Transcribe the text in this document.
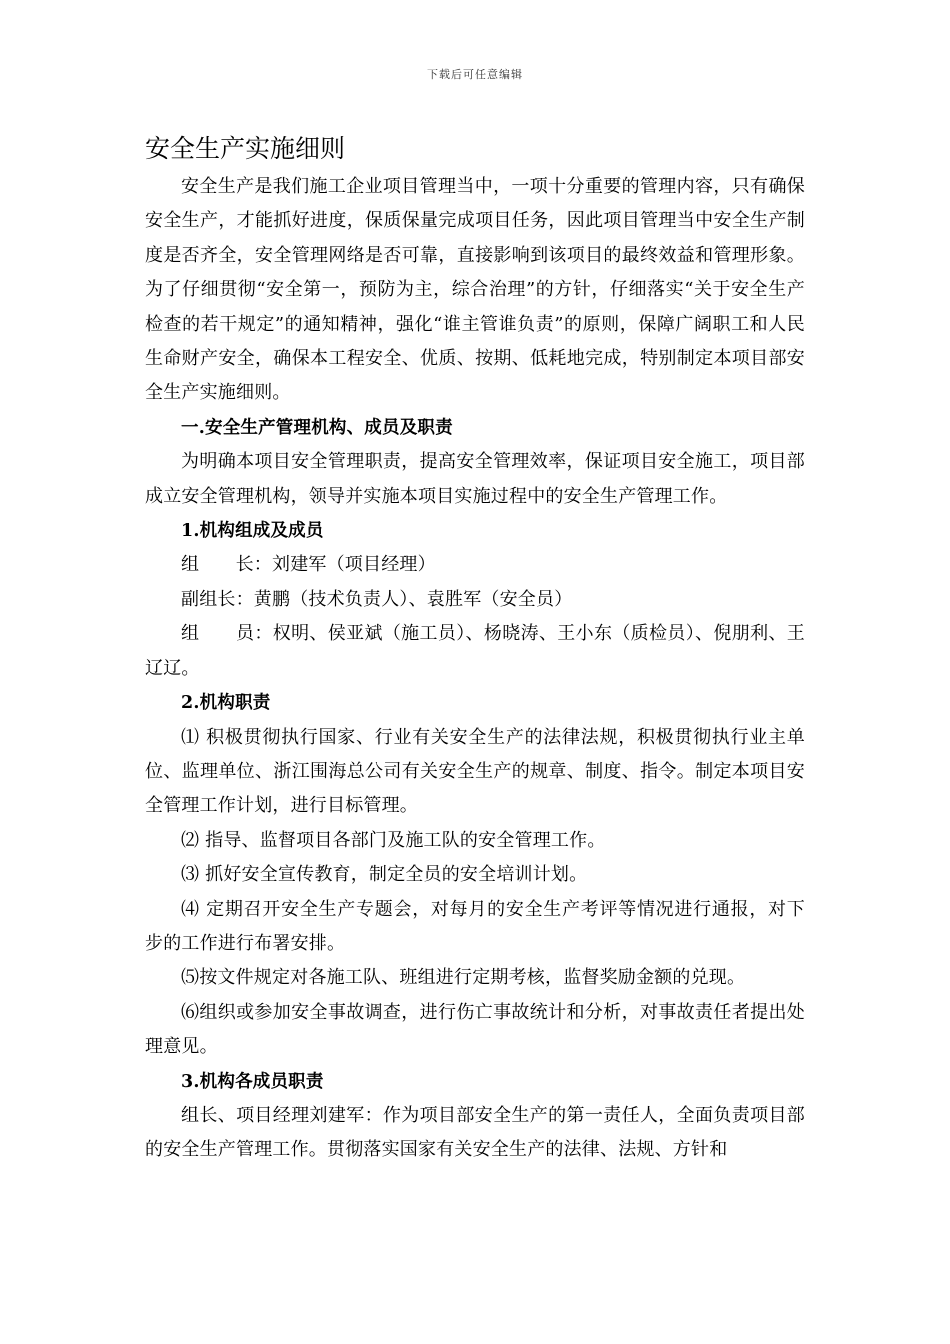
下载后可任意编辑
安全生产实施细则

安全生产是我们施工企业项目管理当中，一项十分重要的管理内容，只有确保安全生产，才能抓好进度，保质保量完成项目任务，因此项目管理当中安全生产制度是否齐全，安全管理网络是否可靠，直接影响到该项目的最终效益和管理形象。为了仔细贯彻“安全第一，预防为主，综合治理”的方针，仔细落实“关于安全生产检查的若干规定”的通知精神，强化“谁主管谁负责”的原则，保障广阔职工和人民生命财产安全，确保本工程安全、优质、按期、低耗地完成，特别制定本项目部安全生产实施细则。

一.安全生产管理机构、成员及职责

为明确本项目安全管理职责，提高安全管理效率，保证项目安全施工，项目部成立安全管理机构，领导并实施本项目实施过程中的安全生产管理工作。

1.机构组成及成员

组　　长：刘建军（项目经理）

副组长：黄鹏（技术负责人）、袁胜军（安全员）

组　　员：权明、侯亚斌（施工员）、杨晓涛、王小东（质检员）、倪朋利、王辽辽。

2.机构职责

⑴ 积极贯彻执行国家、行业有关安全生产的法律法规，积极贯彻执行业主单位、监理单位、浙江围海总公司有关安全生产的规章、制度、指令。制定本项目安全管理工作计划，进行目标管理。

⑵ 指导、监督项目各部门及施工队的安全管理工作。

⑶ 抓好安全宣传教育，制定全员的安全培训计划。

⑷ 定期召开安全生产专题会，对每月的安全生产考评等情况进行通报，对下步的工作进行布署安排。

⑸按文件规定对各施工队、班组进行定期考核，监督奖励金额的兑现。

⑹组织或参加安全事故调查，进行伤亡事故统计和分析，对事故责任者提出处理意见。

3.机构各成员职责

组长、项目经理刘建军：作为项目部安全生产的第一责任人，全面负责项目部的安全生产管理工作。贯彻落实国家有关安全生产的法律、法规、方针和
